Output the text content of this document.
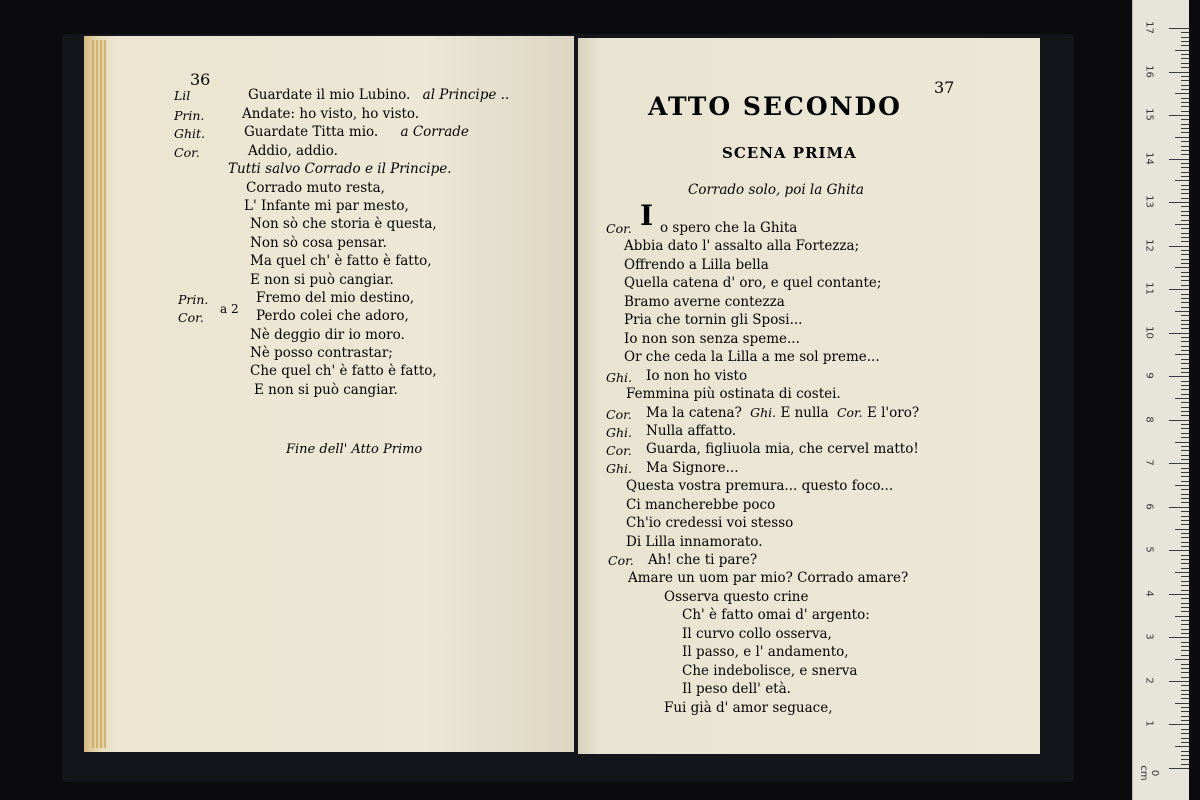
36
Lil
Prin.
Ghit.
Cor.
Prin.
Cor.
a 2
Guardate il mio Lubino. al Principe ..
Andate: ho visto, ho visto.
Guardate Titta mio. a Corrade
Addio, addio.
Tutti salvo Corrado e il Principe.
Corrado muto resta,
L' Infante mi par mesto,
Non sò che storia è questa,
Non sò cosa pensar.
Ma quel ch' è fatto è fatto,
E non si può cangiar.
Fremo del mio destino,
Perdo colei che adoro,
Nè deggio dir io moro.
Nè posso contrastar;
Che quel ch' è fatto è fatto,
E non si può cangiar.
Fine dell' Atto Primo
37
ATTO SECONDO
SCENA PRIMA
Corrado solo, poi la Ghita
I
Cor.
Ghi.
Cor.
Ghi.
Cor.
Ghi.
Cor.
o spero che la Ghita
Abbia dato l' assalto alla Fortezza;
Offrendo a Lilla bella
Quella catena d' oro, e quel contante;
Bramo averne contezza
Pria che tornin gli Sposi...
Io non son senza speme...
Or che ceda la Lilla a me sol preme...
Io non ho visto
Femmina più ostinata di costei.
Ma la catena? Ghi. E nulla Cor. E l'oro?
Nulla affatto.
Guarda, figliuola mia, che cervel matto!
Ma Signore...
Questa vostra premura... questo foco...
Ci mancherebbe poco
Ch'io credessi voi stesso
Di Lilla innamorato.
Ah! che ti pare?
Amare un uom par mio? Corrado amare?
Osserva questo crine
Ch' è fatto omai d' argento:
Il curvo collo osserva,
Il passo, e l' andamento,
Che indebolisce, e snerva
Il peso dell' età.
Fui già d' amor seguace,
17
16
15
14
13
12
11
10
9
8
7
6
5
4
3
2
1
0 cm
